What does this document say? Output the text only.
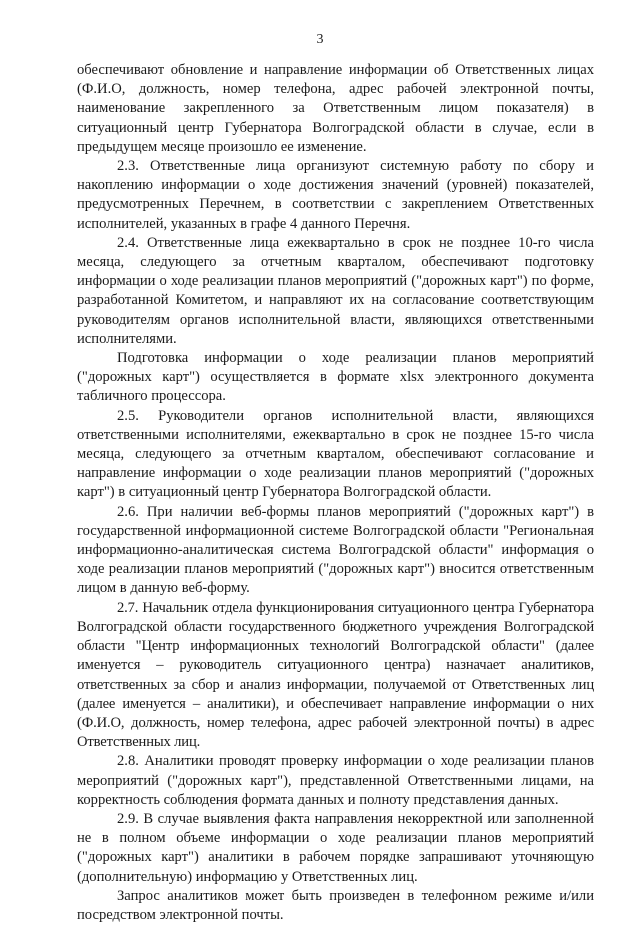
3

обеспечивают обновление и направление информации об Ответственных лицах (Ф.И.О, должность, номер телефона, адрес рабочей электронной почты, наименование закрепленного за Ответственным лицом показателя) в ситуационный центр Губернатора Волгоградской области в случае, если в предыдущем месяце произошло ее изменение.

2.3. Ответственные лица организуют системную работу по сбору и накоплению информации о ходе достижения значений (уровней) показателей, предусмотренных Перечнем, в соответствии с закреплением Ответственных исполнителей, указанных в графе 4 данного Перечня.

2.4. Ответственные лица ежеквартально в срок не позднее 10-го числа месяца, следующего за отчетным кварталом, обеспечивают подготовку информации о ходе реализации планов мероприятий ("дорожных карт") по форме, разработанной Комитетом, и направляют их на согласование соответствующим руководителям органов исполнительной власти, являющихся ответственными исполнителями.

Подготовка информации о ходе реализации планов мероприятий ("дорожных карт") осуществляется в формате xlsx электронного документа табличного процессора.

2.5. Руководители органов исполнительной власти, являющихся ответственными исполнителями, ежеквартально в срок не позднее 15-го числа месяца, следующего за отчетным кварталом, обеспечивают согласование и направление информации о ходе реализации планов мероприятий ("дорожных карт") в ситуационный центр Губернатора Волгоградской области.

2.6. При наличии веб-формы планов мероприятий ("дорожных карт") в государственной информационной системе Волгоградской области "Региональная информационно-аналитическая система Волгоградской области" информация о ходе реализации планов мероприятий ("дорожных карт") вносится ответственным лицом в данную веб-форму.

2.7. Начальник отдела функционирования ситуационного центра Губернатора Волгоградской области государственного бюджетного учреждения Волгоградской области "Центр информационных технологий Волгоградской области" (далее именуется – руководитель ситуационного центра) назначает аналитиков, ответственных за сбор и анализ информации, получаемой от Ответственных лиц (далее именуется – аналитики), и обеспечивает направление информации о них (Ф.И.О, должность, номер телефона, адрес рабочей электронной почты) в адрес Ответственных лиц.

2.8. Аналитики проводят проверку информации о ходе реализации планов мероприятий ("дорожных карт"), представленной Ответственными лицами, на корректность соблюдения формата данных и полноту представления данных.

2.9. В случае выявления факта направления некорректной или заполненной не в полном объеме информации о ходе реализации планов мероприятий ("дорожных карт") аналитики в рабочем порядке запрашивают уточняющую (дополнительную) информацию у Ответственных лиц.

Запрос аналитиков может быть произведен в телефонном режиме и/или посредством электронной почты.
